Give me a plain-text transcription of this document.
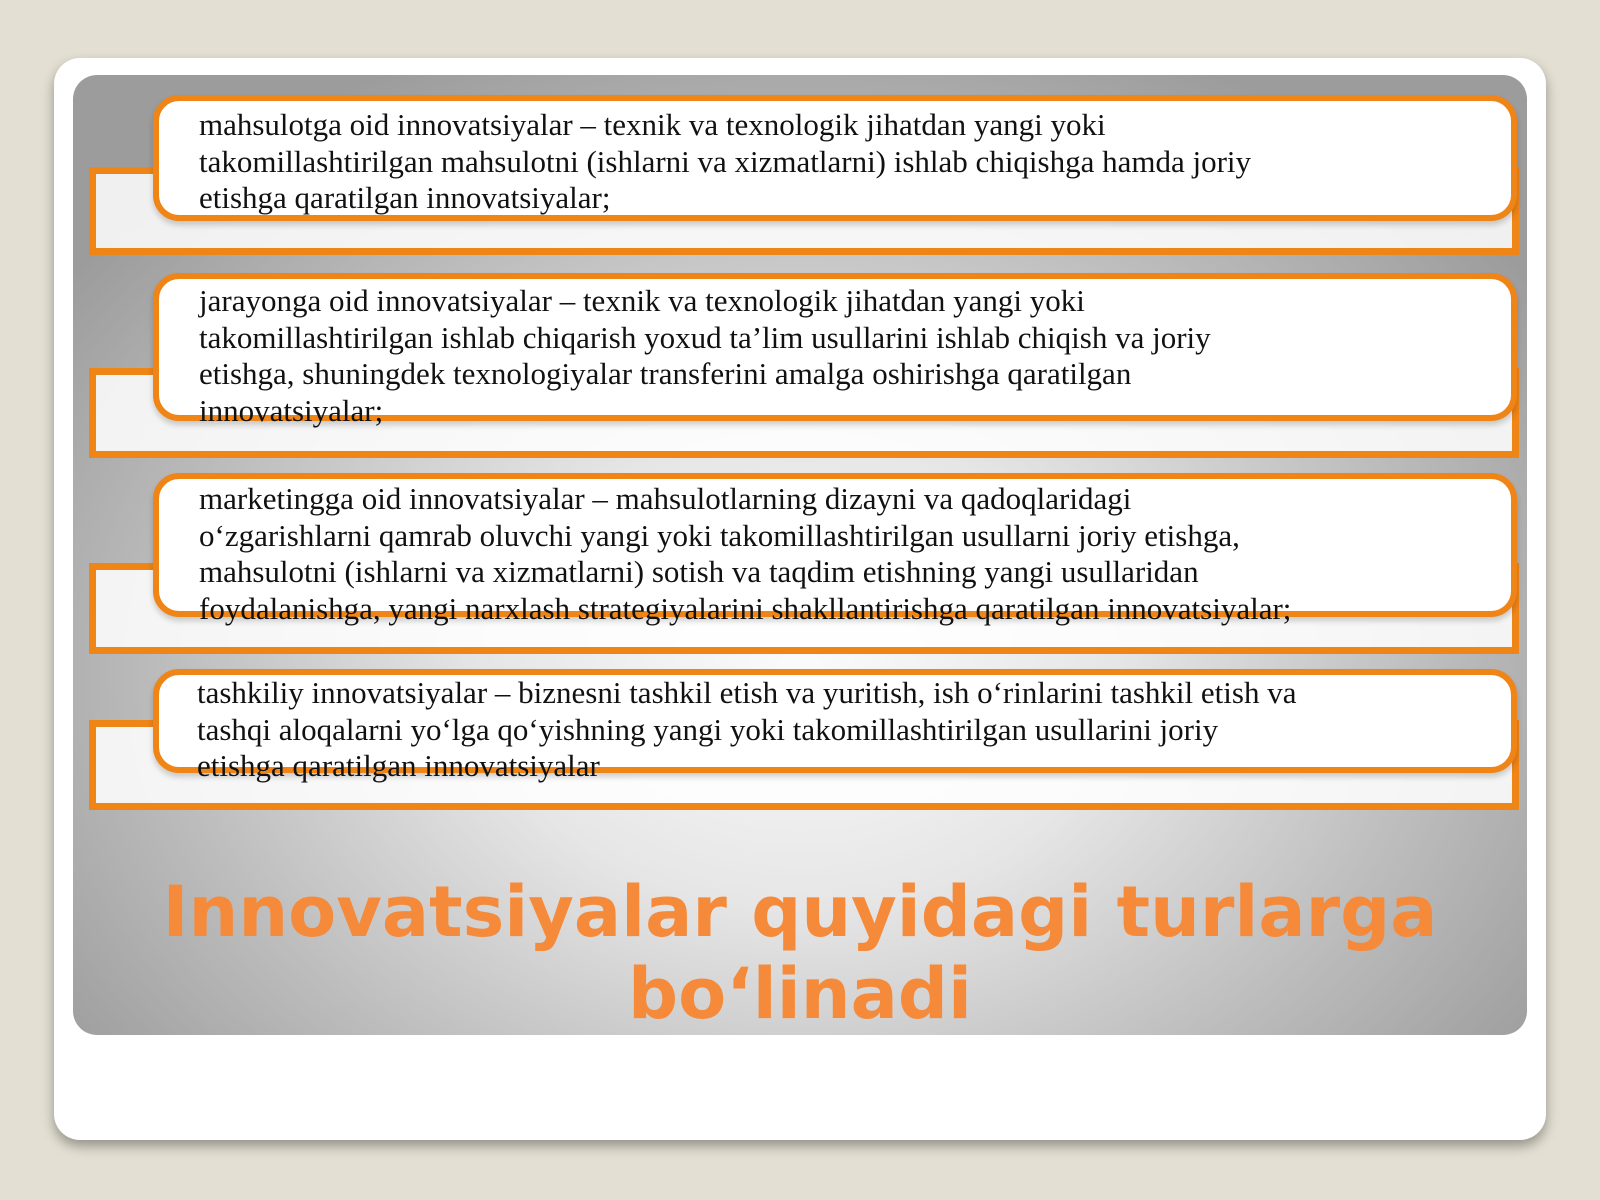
mahsulotga oid innovatsiyalar – texnik va texnologik jihatdan yangi yoki
takomillashtirilgan mahsulotni (ishlarni va xizmatlarni) ishlab chiqishga hamda joriy
etishga qaratilgan innovatsiyalar;
jarayonga oid innovatsiyalar – texnik va texnologik jihatdan yangi yoki
takomillashtirilgan ishlab chiqarish yoxud ta’lim usullarini ishlab chiqish va joriy
etishga, shuningdek texnologiyalar transferini amalga oshirishga qaratilgan
innovatsiyalar;
marketingga oid innovatsiyalar – mahsulotlarning dizayni va qadoqlaridagi
o‘zgarishlarni qamrab oluvchi yangi yoki takomillashtirilgan usullarni joriy etishga,
mahsulotni (ishlarni va xizmatlarni) sotish va taqdim etishning yangi usullaridan
foydalanishga, yangi narxlash strategiyalarini shakllantirishga qaratilgan innovatsiyalar;
tashkiliy innovatsiyalar – biznesni tashkil etish va yuritish, ish o‘rinlarini tashkil etish va
tashqi aloqalarni yo‘lga qo‘yishning yangi yoki takomillashtirilgan usullarini joriy
etishga qaratilgan innovatsiyalar
Innovatsiyalar quyidagi turlarga
bo‘linadi
